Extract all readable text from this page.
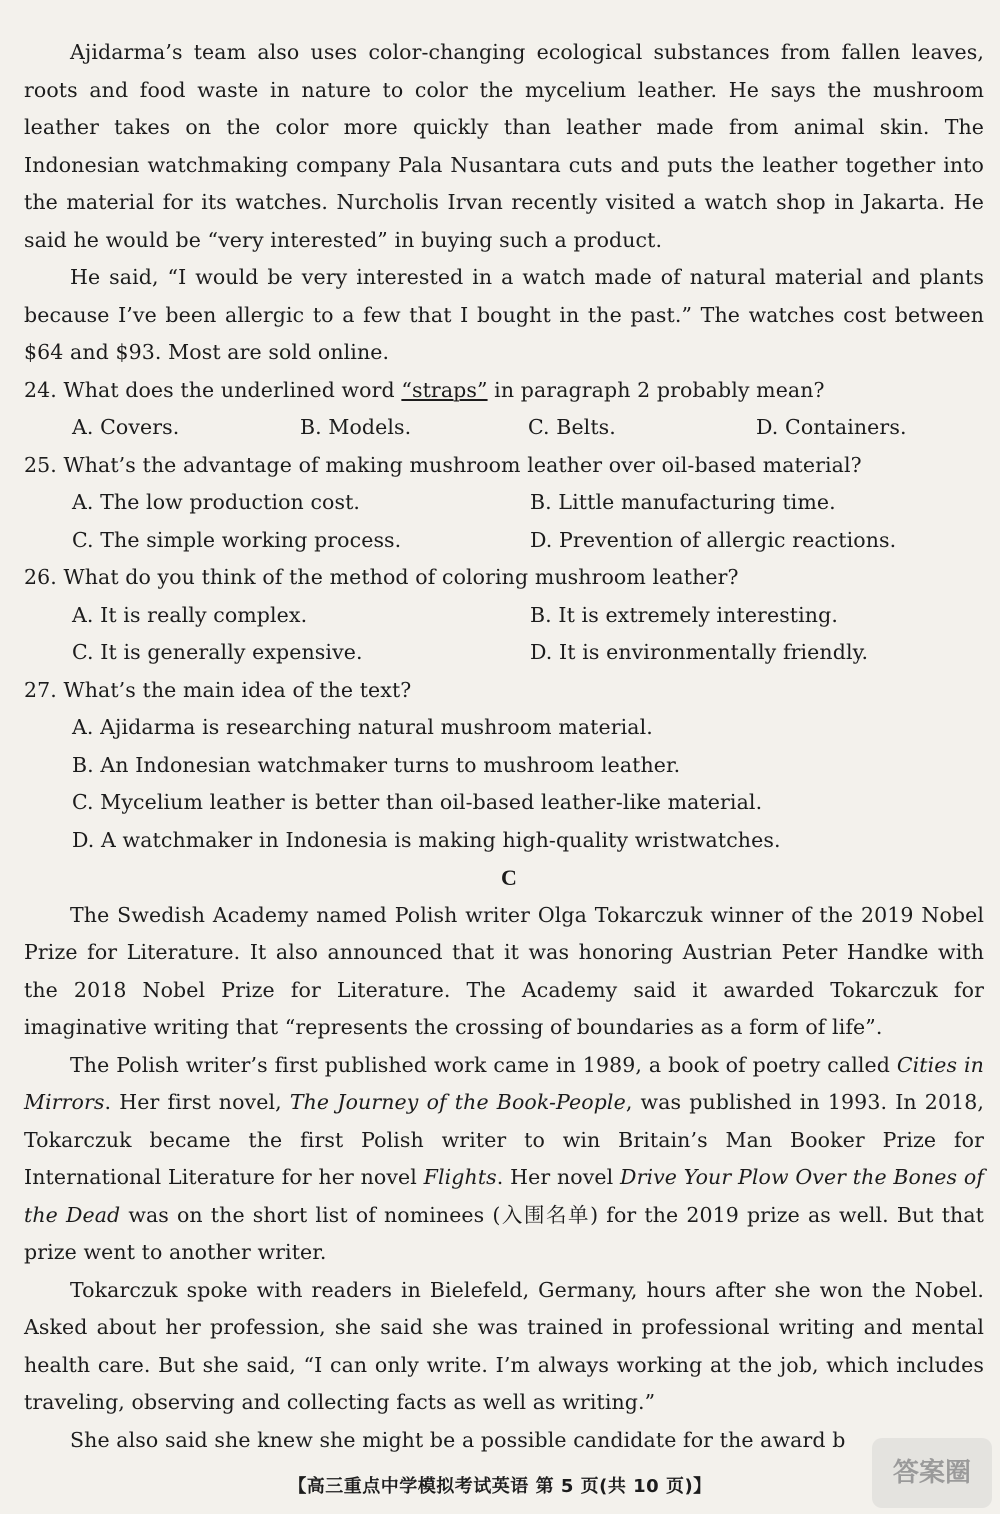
Ajidarma’s team also uses color-changing ecological substances from fallen leaves, roots and food waste in nature to color the mycelium leather. He says the mushroom leather takes on the color more quickly than leather made from animal skin. The Indonesian watchmaking company Pala Nusantara cuts and puts the leather together into the material for its watches. Nurcholis Irvan recently visited a watch shop in Jakarta. He said he would be “very interested” in buying such a product.

He said, “I would be very interested in a watch made of natural material and plants because I’ve been allergic to a few that I bought in the past.” The watches cost between $64 and $93. Most are sold online.

24. What does the underlined word “straps” in paragraph 2 probably mean?

A. Covers.	B. Models.	C. Belts.	D. Containers.

25. What’s the advantage of making mushroom leather over oil-based material?

A. The low production cost.	B. Little manufacturing time.
C. The simple working process.	D. Prevention of allergic reactions.

26. What do you think of the method of coloring mushroom leather?

A. It is really complex.	B. It is extremely interesting.
C. It is generally expensive.	D. It is environmentally friendly.

27. What’s the main idea of the text?

A. Ajidarma is researching natural mushroom material.
B. An Indonesian watchmaker turns to mushroom leather.
C. Mycelium leather is better than oil-based leather-like material.
D. A watchmaker in Indonesia is making high-quality wristwatches.
C

The Swedish Academy named Polish writer Olga Tokarczuk winner of the 2019 Nobel Prize for Literature. It also announced that it was honoring Austrian Peter Handke with the 2018 Nobel Prize for Literature. The Academy said it awarded Tokarczuk for imaginative writing that “represents the crossing of boundaries as a form of life”.

The Polish writer’s first published work came in 1989, a book of poetry called Cities in Mirrors. Her first novel, The Journey of the Book-People, was published in 1993. In 2018, Tokarczuk became the first Polish writer to win Britain’s Man Booker Prize for International Literature for her novel Flights. Her novel Drive Your Plow Over the Bones of the Dead was on the short list of nominees (入围名单) for the 2019 prize as well. But that prize went to another writer.

Tokarczuk spoke with readers in Bielefeld, Germany, hours after she won the Nobel. Asked about her profession, she said she was trained in professional writing and mental health care. But she said, “I can only write. I’m always working at the job, which includes traveling, observing and collecting facts as well as writing.”

She also said she knew she might be a possible candidate for the award b

【高三重点中学模拟考试英语 第 5 页(共 10 页)】	答案圈
